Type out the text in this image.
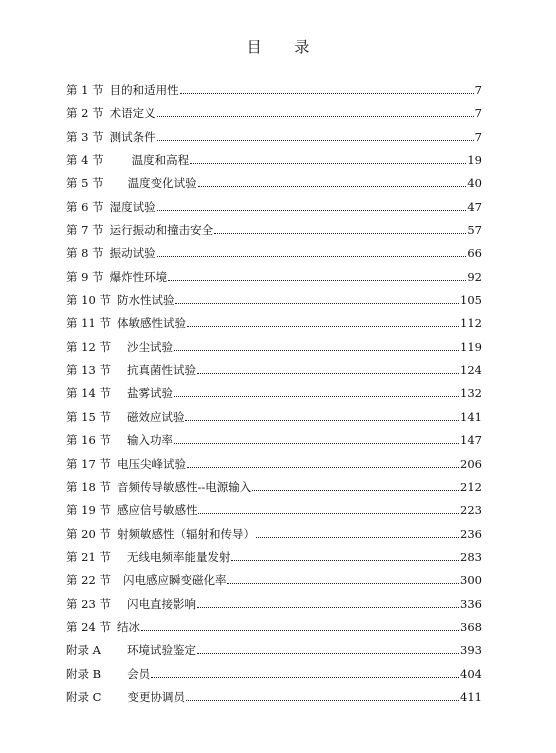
目 录
第 1 节 目的和适用性	7
第 2 节 术语定义	7
第 3 节 测试条件	7
第 4 节 温度和高程	19
第 5 节 温度变化试验	40
第 6 节 湿度试验	47
第 7 节 运行振动和撞击安全	57
第 8 节 振动试验	66
第 9 节 爆炸性环境	92
第 10 节 防水性试验	105
第 11 节 体敏感性试验	112
第 12 节 沙尘试验	119
第 13 节 抗真菌性试验	124
第 14 节 盐雾试验	132
第 15 节 磁效应试验	141
第 16 节 输入功率	147
第 17 节 电压尖峰试验	206
第 18 节 音频传导敏感性--电源输入	212
第 19 节 感应信号敏感性	223
第 20 节 射频敏感性（辐射和传导）	236
第 21 节 无线电频率能量发射	283
第 22 节 闪电感应瞬变磁化率	300
第 23 节 闪电直接影响	336
第 24 节 结冰	368
附录 A 环境试验鉴定	393
附录 B 会员	404
附录 C 变更协调员	411
